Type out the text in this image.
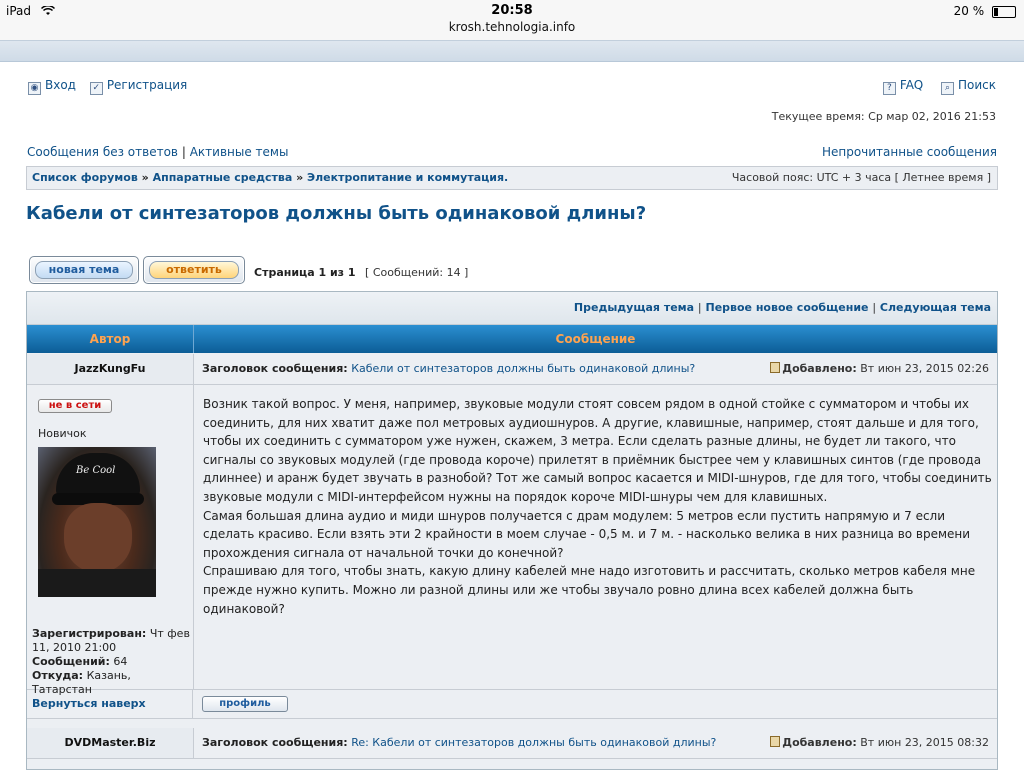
iPad	20:58
krosh.tehnologia.info
20 %
◉ Вход ✓ Регистрация	? FAQ ⌕ Поиск
Текущее время: Ср мар 02, 2016 21:53
Сообщения без ответов | Активные темы	Непрочитанные сообщения
Список форумов » Аппаратные средства » Электропитание и коммутация.	Часовой пояс: UTC + 3 часа [ Летнее время ]
Кабели от синтезаторов должны быть одинаковой длины?
новая тема	ответить	Страница 1 из 1 [ Сообщений: 14 ]
Предыдущая тема | Первое новое сообщение | Следующая тема
Автор	Сообщение
JazzKungFu	Заголовок сообщения: Кабели от синтезаторов должны быть одинаковой длины?	Добавлено: Вт июн 23, 2015 02:26
не в сети
Новичок
Be Cool
Зарегистрирован: Чт фев 11, 2010 21:00
Сообщений: 64
Откуда: Казань, Татарстан
Возник такой вопрос. У меня, например, звуковые модули стоят совсем рядом в одной стойке с сумматором и чтобы их
соединить, для них хватит даже пол метровых аудиошнуров. А другие, клавишные, например, стоят дальше и для того,
чтобы их соединить с сумматором уже нужен, скажем, 3 метра. Если сделать разные длины, не будет ли такого, что
сигналы со звуковых модулей (где провода короче) прилетят в приёмник быстрее чем у клавишных синтов (где провода
длиннее) и аранж будет звучать в разнобой? Тот же самый вопрос касается и MIDI-шнуров, где для того, чтобы соединить
звуковые модули с MIDI-интерфейсом нужны на порядок короче MIDI-шнуры чем для клавишных.
Самая большая длина аудио и миди шнуров получается с драм модулем: 5 метров если пустить напрямую и 7 если
сделать красиво. Если взять эти 2 крайности в моем случае - 0,5 м. и 7 м. - насколько велика в них разница во времени
прохождения сигнала от начальной точки до конечной?
Спрашиваю для того, чтобы знать, какую длину кабелей мне надо изготовить и рассчитать, сколько метров кабеля мне
прежде нужно купить. Можно ли разной длины или же чтобы звучало ровно длина всех кабелей должна быть одинаковой?
Вернуться наверх	профиль
DVDMaster.Biz	Заголовок сообщения: Re: Кабели от синтезаторов должны быть одинаковой длины?	Добавлено: Вт июн 23, 2015 08:32
